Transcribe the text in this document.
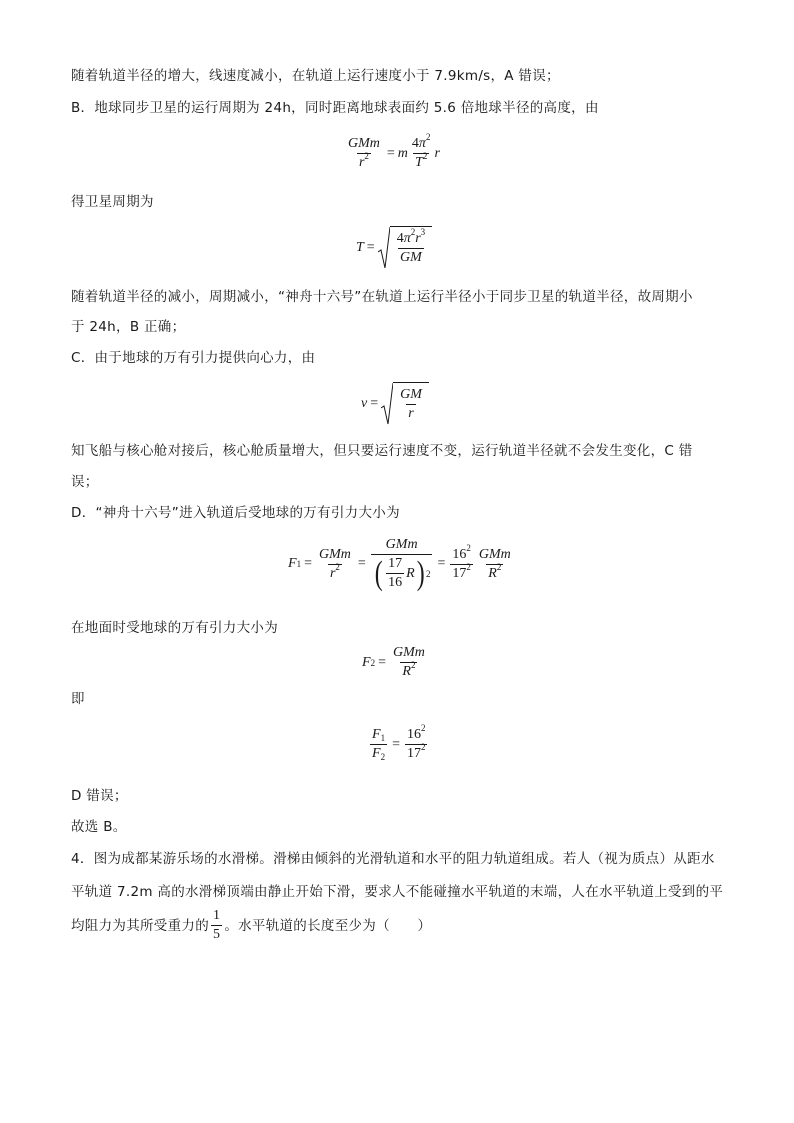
随着轨道半径的增大，线速度减小，在轨道上运行速度小于 7.9km/s，A 错误；
B．地球同步卫星的运行周期为 24h，同时距离地球表面约 5.6 倍地球半径的高度，由
$\frac{\text{GMm}}{r^2} = m \frac{4\pi^2}{T^2}$ r
得卫星周期为
$T = \frac{4\pi^2r^3}{GM}$
随着轨道半径的减小，周期减小，“神舟十六号”在轨道上运行半径小于同步卫星的轨道半径，故周期小
于 24h，B 正确；
C．由于地球的万有引力提供向心力，由
$v = \frac{GM}{r}$
知飞船与核心舱对接后，核心舱质量增大，但只要运行速度不变，运行轨道半径就不会发生变化，C 错
误；
D．“神舟十六号”进入轨道后受地球的万有引力大小为
F $1 = \frac{\text{GMm}}{r^2} = \frac{\text{GMm}}{( \frac{17}{16} R ) 2} = \frac{16^2}{17^2} \frac{\text{GMm}}{R^2}$
在地面时受地球的万有引力大小为
F $2 = \frac{\text{GMm}}{R^2}$
即
$\frac{F_1}{F_2} = \frac{16^2}{17^2}$
D 错误；
故选 B。
4．图为成都某游乐场的水滑梯。滑梯由倾斜的光滑轨道和水平的阻力轨道组成。若人（视为质点）从距水
平轨道 7.2m 高的水滑梯顶端由静止开始下滑，要求人不能碰撞水平轨道的末端，人在水平轨道上受到的平
均阻力为其所受重力的 $\frac{1}{5}$ 。水平轨道的长度至少为（　　）
